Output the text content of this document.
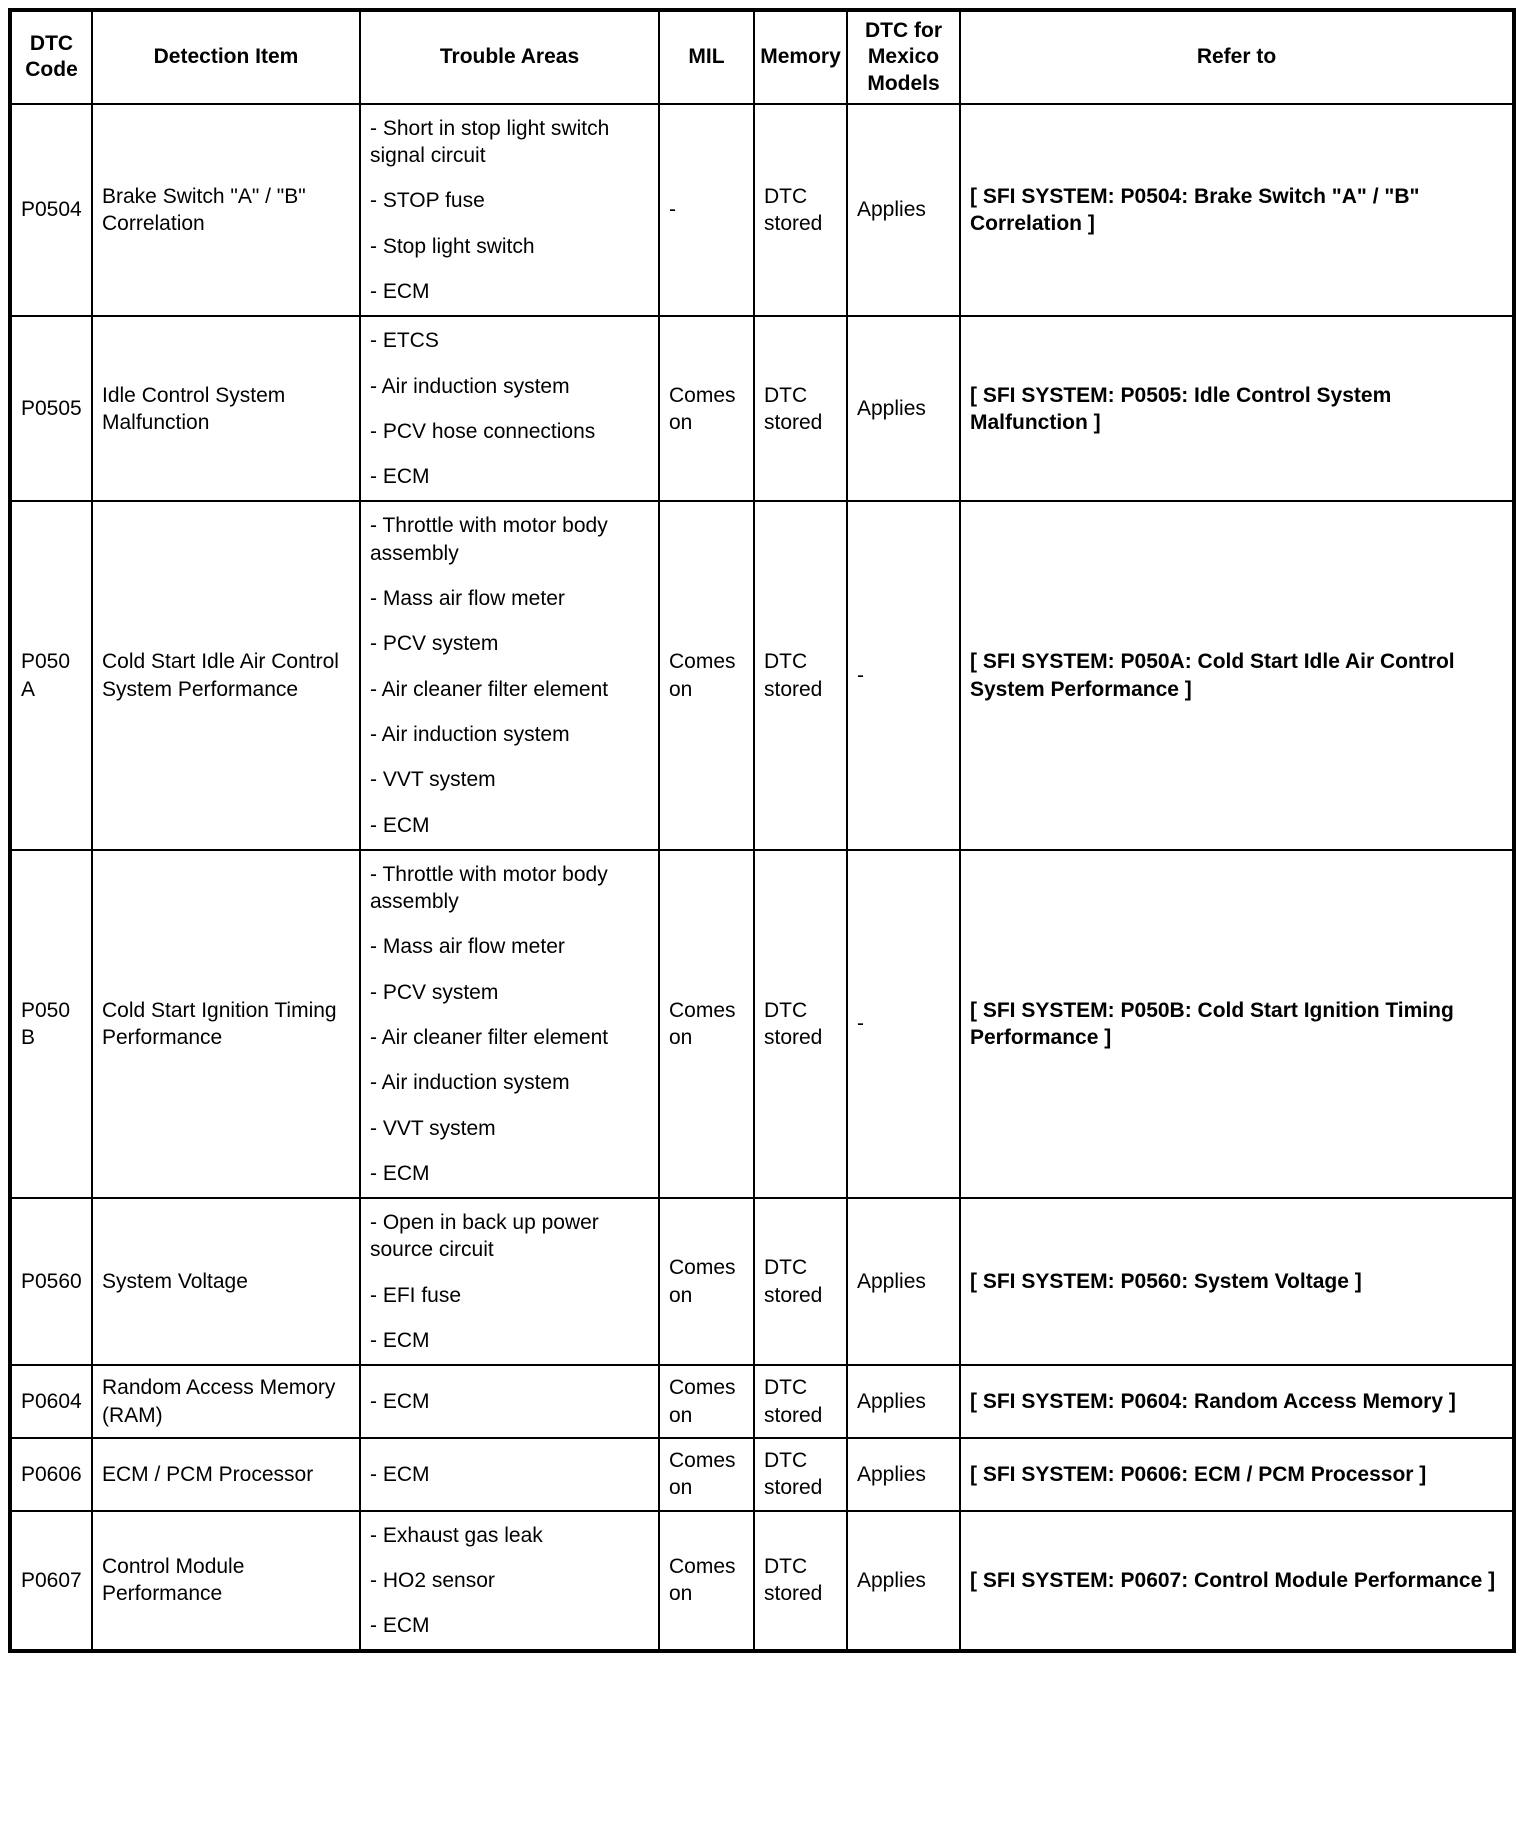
DTC Code	Detection Item	Trouble Areas	MIL	Memory	DTC for Mexico Models	Refer to
P0504	Brake Switch "A" / "B" Correlation	- Short in stop light switch signal circuit
- STOP fuse
- Stop light switch
- ECM	-	DTC stored	Applies	[ SFI SYSTEM: P0504: Brake Switch "A" / "B" Correlation ]
P0505	Idle Control System Malfunction	- ETCS
- Air induction system
- PCV hose connections
- ECM	Comes on	DTC stored	Applies	[ SFI SYSTEM: P0505: Idle Control System Malfunction ]
P050A	Cold Start Idle Air Control System Performance	
- Throttle with motor body assembly
- Mass air flow meter
- PCV system
- Air cleaner filter element
- Air induction system
- VVT system
- ECM
	Comes on	DTC stored	-	[ SFI SYSTEM: P050A: Cold Start Idle Air Control System Performance ]
P050B	Cold Start Ignition Timing Performance	
- Throttle with motor body assembly
- Mass air flow meter
- PCV system
- Air cleaner filter element
- Air induction system
- VVT system
- ECM
	Comes on	DTC stored	-	[ SFI SYSTEM: P050B: Cold Start Ignition Timing Performance ]
P0560	System Voltage	- Open in back up power source circuit
- EFI fuse
- ECM	Comes on	DTC stored	Applies	[ SFI SYSTEM: P0560: System Voltage ]
P0604	Random Access Memory (RAM)	- ECM	Comes on	DTC stored	Applies	[ SFI SYSTEM: P0604: Random Access Memory ]
P0606	ECM / PCM Processor	- ECM	Comes on	DTC stored	Applies	[ SFI SYSTEM: P0606: ECM / PCM Processor ]
P0607	Control Module Performance	- Exhaust gas leak
- HO2 sensor
- ECM	Comes on	DTC stored	Applies	[ SFI SYSTEM: P0607: Control Module Performance ]
